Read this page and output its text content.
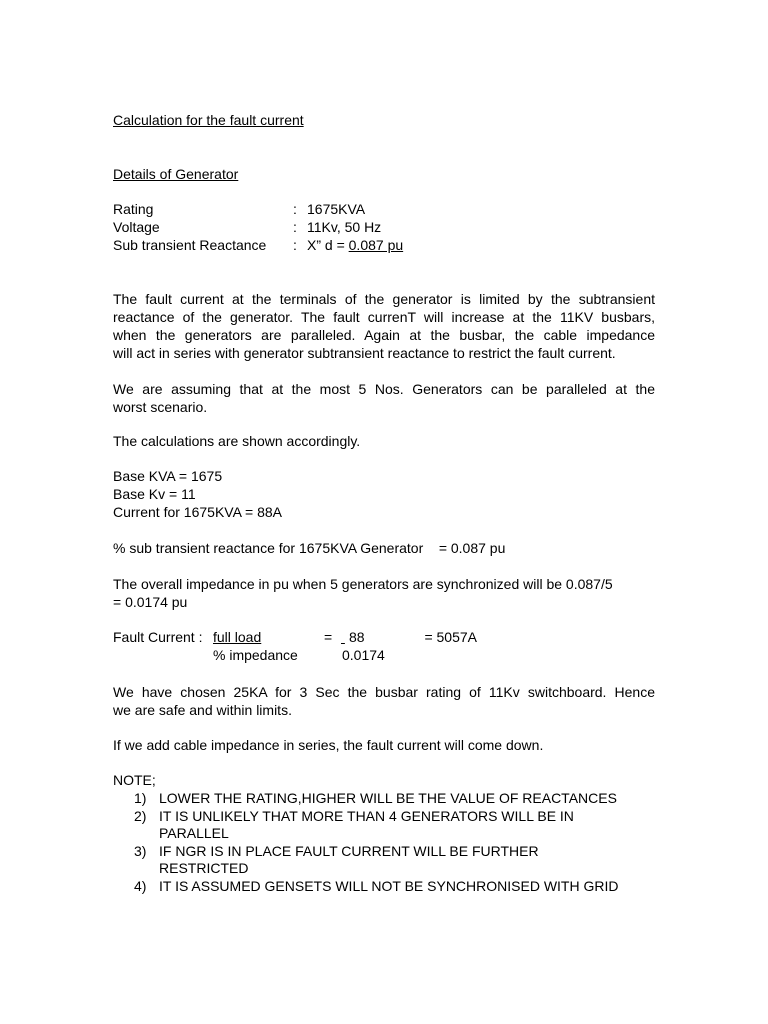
Calculation for the fault current
Details of Generator
Rating	: 1675KVA
Voltage	: 11Kv, 50 Hz
Sub transient Reactance : X” d = 0.087 pu
The fault current at the terminals of the generator is limited by the subtransient
reactance of the generator. The fault currenT will increase at the 11KV busbars,
when the generators are paralleled. Again at the busbar, the cable impedance
will act in series with generator subtransient reactance to restrict the fault current.
We are assuming that at the most 5 Nos. Generators can be paralleled at the
worst scenario.
The calculations are shown accordingly.
Base KVA = 1675
Base Kv = 11
Current for 1675KVA = 88A
% sub transient reactance for 1675KVA Generator    = 0.087 pu
The overall impedance in pu when 5 generators are synchronized will be 0.087/5
= 0.0174 pu
Fault Current : full load	= 88	= 5057A

% impedance	0.0174
We have chosen 25KA for 3 Sec the busbar rating of 11Kv switchboard. Hence
we are safe and within limits.
If we add cable impedance in series, the fault current will come down.
NOTE;
1) LOWER THE RATING,HIGHER WILL BE THE VALUE OF REACTANCES
2) IT IS UNLIKELY THAT MORE THAN 4 GENERATORS WILL BE IN
PARALLEL
3) IF NGR IS IN PLACE FAULT CURRENT WILL BE FURTHER
RESTRICTED
4) IT IS ASSUMED GENSETS WILL NOT BE SYNCHRONISED WITH GRID
